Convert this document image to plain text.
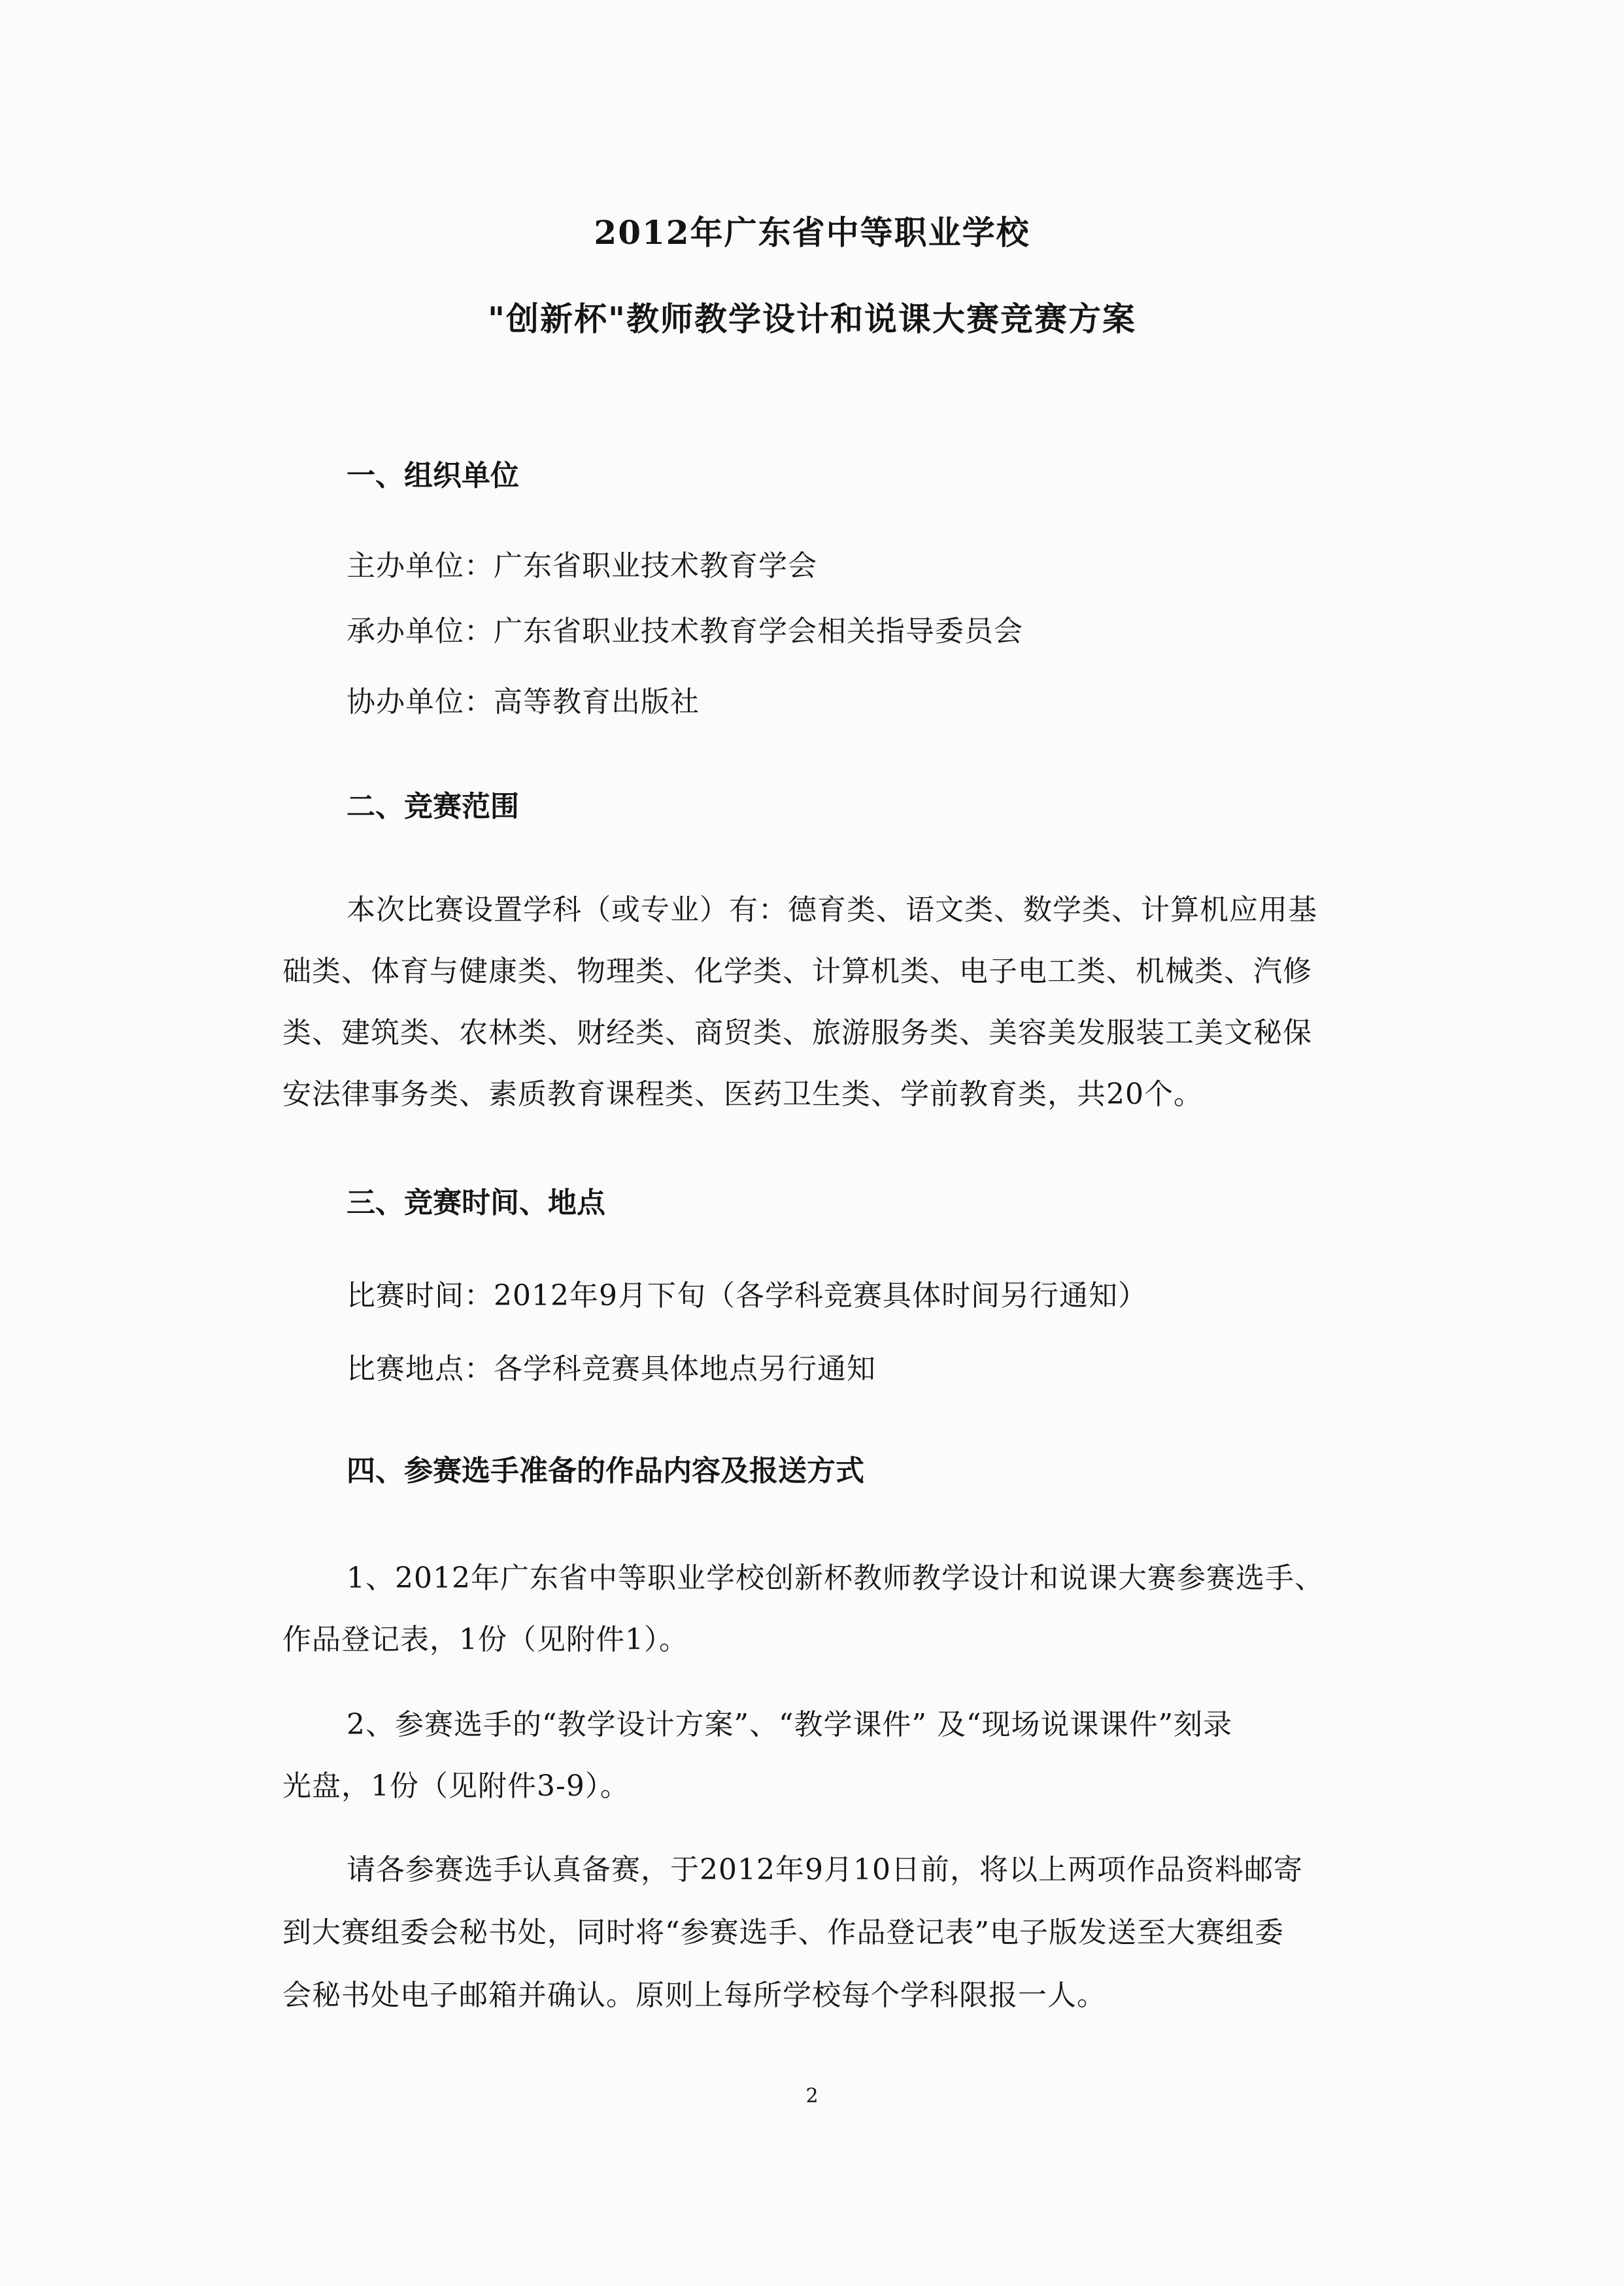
2012年广东省中等职业学校
"创新杯"教师教学设计和说课大赛竞赛方案
一、组织单位
主办单位：广东省职业技术教育学会
承办单位：广东省职业技术教育学会相关指导委员会
协办单位：高等教育出版社
二、竞赛范围
本次比赛设置学科（或专业）有：德育类、语文类、数学类、计算机应用基
础类、体育与健康类、物理类、化学类、计算机类、电子电工类、机械类、汽修
类、建筑类、农林类、财经类、商贸类、旅游服务类、美容美发服装工美文秘保
安法律事务类、素质教育课程类、医药卫生类、学前教育类，共20个。
三、竞赛时间、地点
比赛时间：2012年9月下旬（各学科竞赛具体时间另行通知）
比赛地点：各学科竞赛具体地点另行通知
四、参赛选手准备的作品内容及报送方式
1、2012年广东省中等职业学校创新杯教师教学设计和说课大赛参赛选手、
作品登记表，1份（见附件1）。
2、参赛选手的“教学设计方案”、“教学课件” 及“现场说课课件”刻录
光盘，1份（见附件3-9）。
请各参赛选手认真备赛，于2012年9月10日前，将以上两项作品资料邮寄
到大赛组委会秘书处，同时将“参赛选手、作品登记表”电子版发送至大赛组委
会秘书处电子邮箱并确认。原则上每所学校每个学科限报一人。
2
